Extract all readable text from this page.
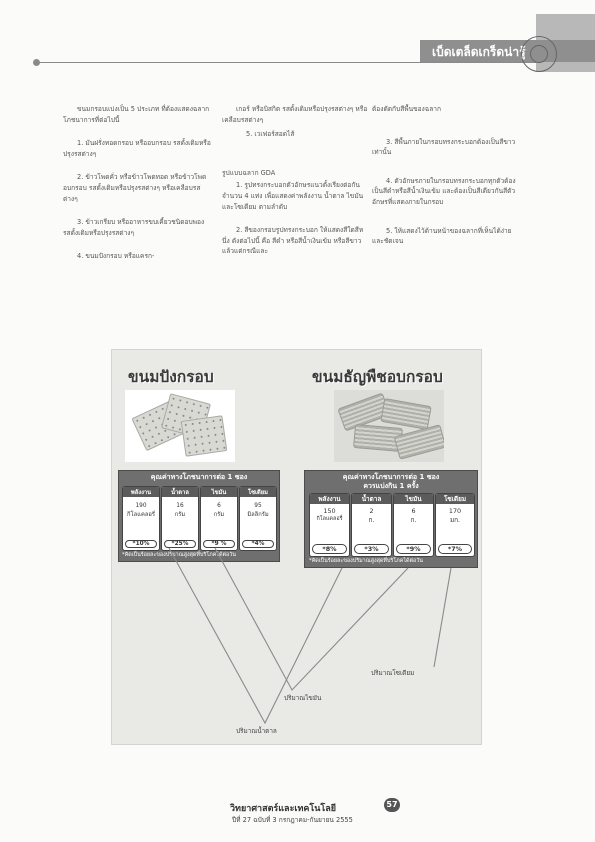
เบ็ดเตล็ดเกร็ดน่ารู้

ขนมกรอบแบ่งเป็น 5 ประเภท ที่ต้องแสดงฉลากโภชนาการที่ต่อไปนี้

1. มันฝรั่งทอดกรอบ หรืออบกรอบ รสดั้งเดิมหรือปรุงรสต่างๆ

2. ข้าวโพดคั่ว หรือข้าวโพดทอด หรือข้าวโพดอบกรอบ รสดั้งเดิมหรือปรุงรสต่างๆ หรือเคลือบรสต่างๆ

3. ข้าวเกรียบ หรืออาหารขบเคี้ยวชนิดอบพอง รสดั้งเดิมหรือปรุงรสต่างๆ

4. ขนมปังกรอบ หรือแครก-

เกอร์ หรือบิสกิต รสดั้งเดิมหรือปรุงรสต่างๆ หรือเคลือบรสต่างๆ

5. เวเฟอร์สอดไส้

รูปแบบฉลาก GDA

1. รูปทรงกระบอกตัวอักษรแนวตั้งเรียงต่อกันจำนวน 4 แท่ง เพื่อแสดงค่าพลังงาน น้ำตาล ไขมัน และโซเดียม ตามลำดับ

2. สีของกรอบรูปทรงกระบอก ให้แสดงสีใดสีหนึ่ง ดังต่อไปนี้ คือ สีดำ หรือสีน้ำเงินเข้ม หรือสีขาว แล้วแต่กรณีและ

ต้องตัดกับสีพื้นของฉลาก

3. สีพื้นภายในกรอบทรงกระบอกต้องเป็นสีขาวเท่านั้น

4. ตัวอักษรภายในกรอบทรงกระบอกทุกตัวต้องเป็นสีดำหรือสีน้ำเงินเข้ม และต้องเป็นสีเดียวกันสีตัวอักษรที่แสดงภายในกรอบ

5. ให้แสดงไว้ด้านหน้าของฉลากที่เห็นได้ง่ายและชัดเจน

ขนมปังกรอบ	ขนมธัญพืชอบกรอบ
คุณค่าทางโภชนาการต่อ 1 ซอง
พลังงาน
190
กิโลแคลอรี่
*10%
น้ำตาล
16
กรัม
*25%
ไขมัน
6
กรัม
*9 %
โซเดียม
95
มิลลิกรัม
*4%
*คิดเป็นร้อยละของปริมาณสูงสุดที่บริโภคได้ต่อวัน
คุณค่าทางโภชนาการต่อ 1 ซอง
ควรแบ่งกิน 1 ครั้ง
พลังงาน
150
กิโลแคลอรี่
*8%
น้ำตาล
2
ก.
*3%
ไขมัน
6
ก.
*9%
โซเดียม
170
มก.
*7%
*คิดเป็นร้อยละของปริมาณสูงสุดที่บริโภคได้ต่อวัน
ปริมาณไขมัน
ปริมาณน้ำตาล
ปริมาณโซเดียม
วิทยาศาสตร์และเทคโนโลยี	57
ปีที่ 27 ฉบับที่ 3 กรกฎาคม-กันยายน 2555
